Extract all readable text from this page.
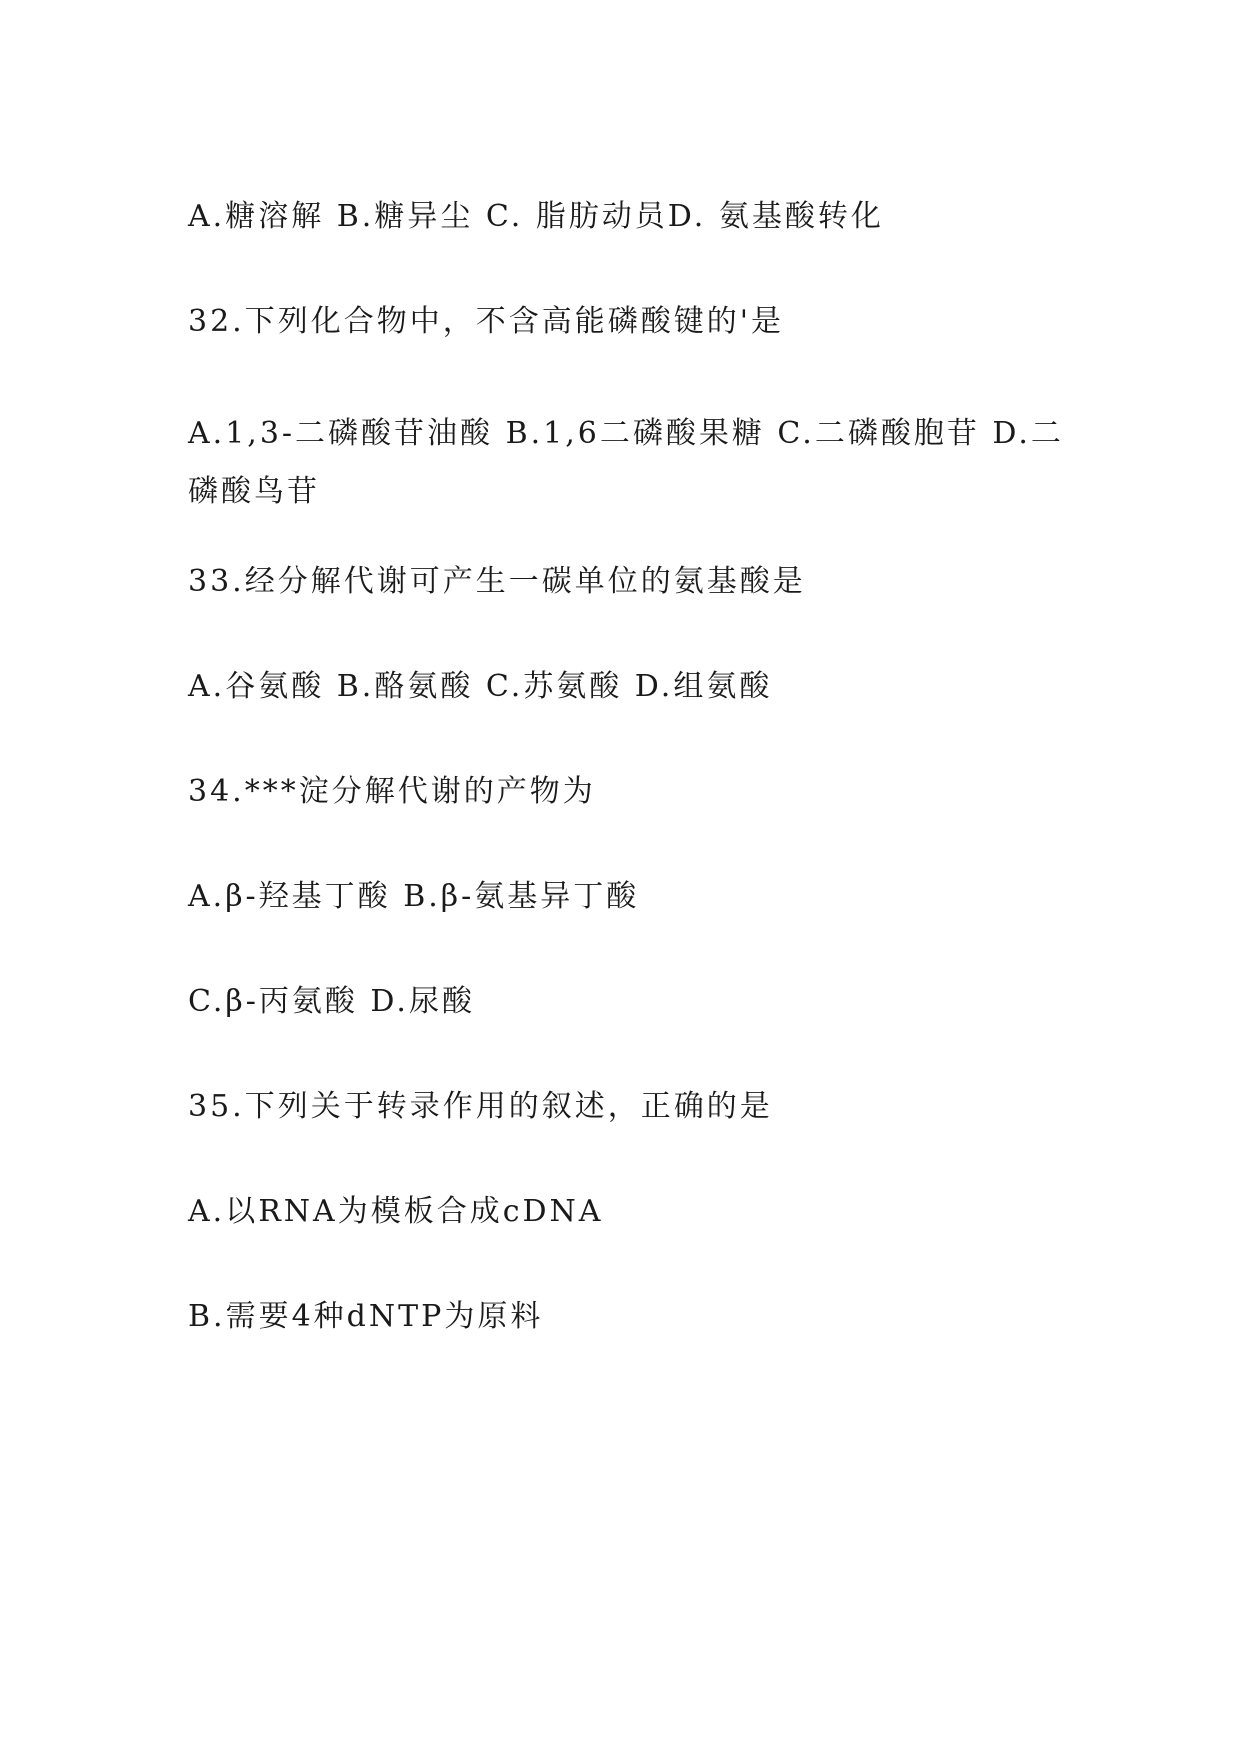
A.糖溶解 B.糖异尘 C. 脂肪动员D. 氨基酸转化
32.下列化合物中，不含高能磷酸键的'是
A.1,3-二磷酸苷油酸 B.1,6二磷酸果糖 C.二磷酸胞苷 D.二磷酸鸟苷
33.经分解代谢可产生一碳单位的氨基酸是
A.谷氨酸 B.酪氨酸 C.苏氨酸 D.组氨酸
34.***淀分解代谢的产物为
A.β-羟基丁酸 B.β-氨基异丁酸
C.β-丙氨酸 D.尿酸
35.下列关于转录作用的叙述，正确的是
A.以RNA为模板合成cDNA
B.需要4种dNTP为原料
